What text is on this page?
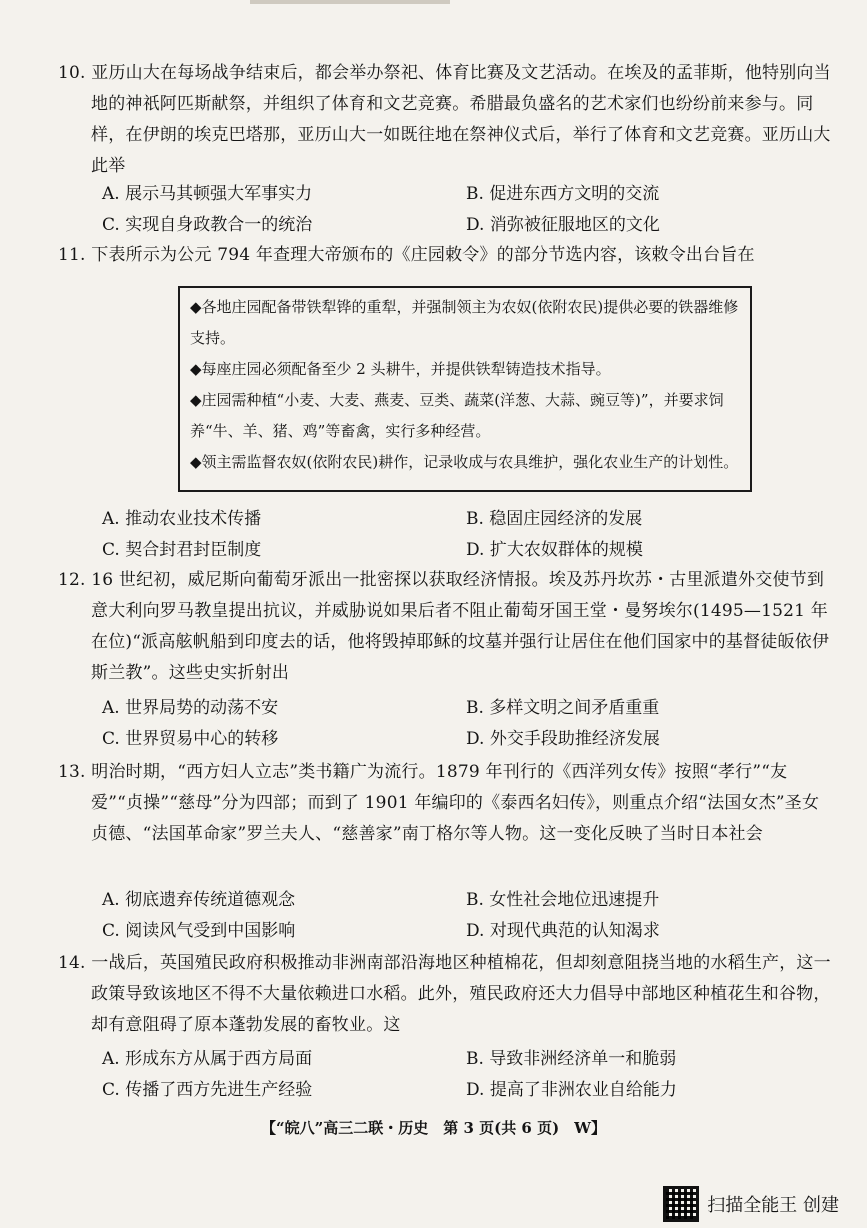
10. 亚历山大在每场战争结束后，都会举办祭祀、体育比赛及文艺活动。在埃及的孟菲斯，他特别向当地的神祇阿匹斯献祭，并组织了体育和文艺竞赛。希腊最负盛名的艺术家们也纷纷前来参与。同样，在伊朗的埃克巴塔那，亚历山大一如既往地在祭神仪式后，举行了体育和文艺竞赛。亚历山大此举

A. 展示马其顿强大军事实力	B. 促进东西方文明的交流
C. 实现自身政教合一的统治	D. 消弥被征服地区的文化

11. 下表所示为公元 794 年查理大帝颁布的《庄园敕令》的部分节选内容，该敕令出台旨在

◆各地庄园配备带铁犁铧的重犁，并强制领主为农奴(依附农民)提供必要的铁器维修支持。

◆每座庄园必须配备至少 2 头耕牛，并提供铁犁铸造技术指导。

◆庄园需种植“小麦、大麦、燕麦、豆类、蔬菜(洋葱、大蒜、豌豆等)”，并要求饲养“牛、羊、猪、鸡”等畜禽，实行多种经营。

◆领主需监督农奴(依附农民)耕作，记录收成与农具维护，强化农业生产的计划性。

A. 推动农业技术传播	B. 稳固庄园经济的发展
C. 契合封君封臣制度	D. 扩大农奴群体的规模

12. 16 世纪初，威尼斯向葡萄牙派出一批密探以获取经济情报。埃及苏丹坎苏・古里派遣外交使节到意大利向罗马教皇提出抗议，并威胁说如果后者不阻止葡萄牙国王堂・曼努埃尔(1495—1521 年在位)“派高舷帆船到印度去的话，他将毁掉耶稣的坟墓并强行让居住在他们国家中的基督徒皈依伊斯兰教”。这些史实折射出

A. 世界局势的动荡不安	B. 多样文明之间矛盾重重
C. 世界贸易中心的转移	D. 外交手段助推经济发展

13. 明治时期，“西方妇人立志”类书籍广为流行。1879 年刊行的《西洋列女传》按照“孝行”“友爱”“贞操”“慈母”分为四部；而到了 1901 年编印的《泰西名妇传》，则重点介绍“法国女杰”圣女贞德、“法国革命家”罗兰夫人、“慈善家”南丁格尔等人物。这一变化反映了当时日本社会

A. 彻底遗弃传统道德观念	B. 女性社会地位迅速提升
C. 阅读风气受到中国影响	D. 对现代典范的认知渴求

14. 一战后，英国殖民政府积极推动非洲南部沿海地区种植棉花，但却刻意阻挠当地的水稻生产，这一政策导致该地区不得不大量依赖进口水稻。此外，殖民政府还大力倡导中部地区种植花生和谷物，却有意阻碍了原本蓬勃发展的畜牧业。这

A. 形成东方从属于西方局面	B. 导致非洲经济单一和脆弱
C. 传播了西方先进生产经验	D. 提高了非洲农业自给能力
【“皖八”高三二联・历史　第 3 页(共 6 页)　W】
扫描全能王 创建
